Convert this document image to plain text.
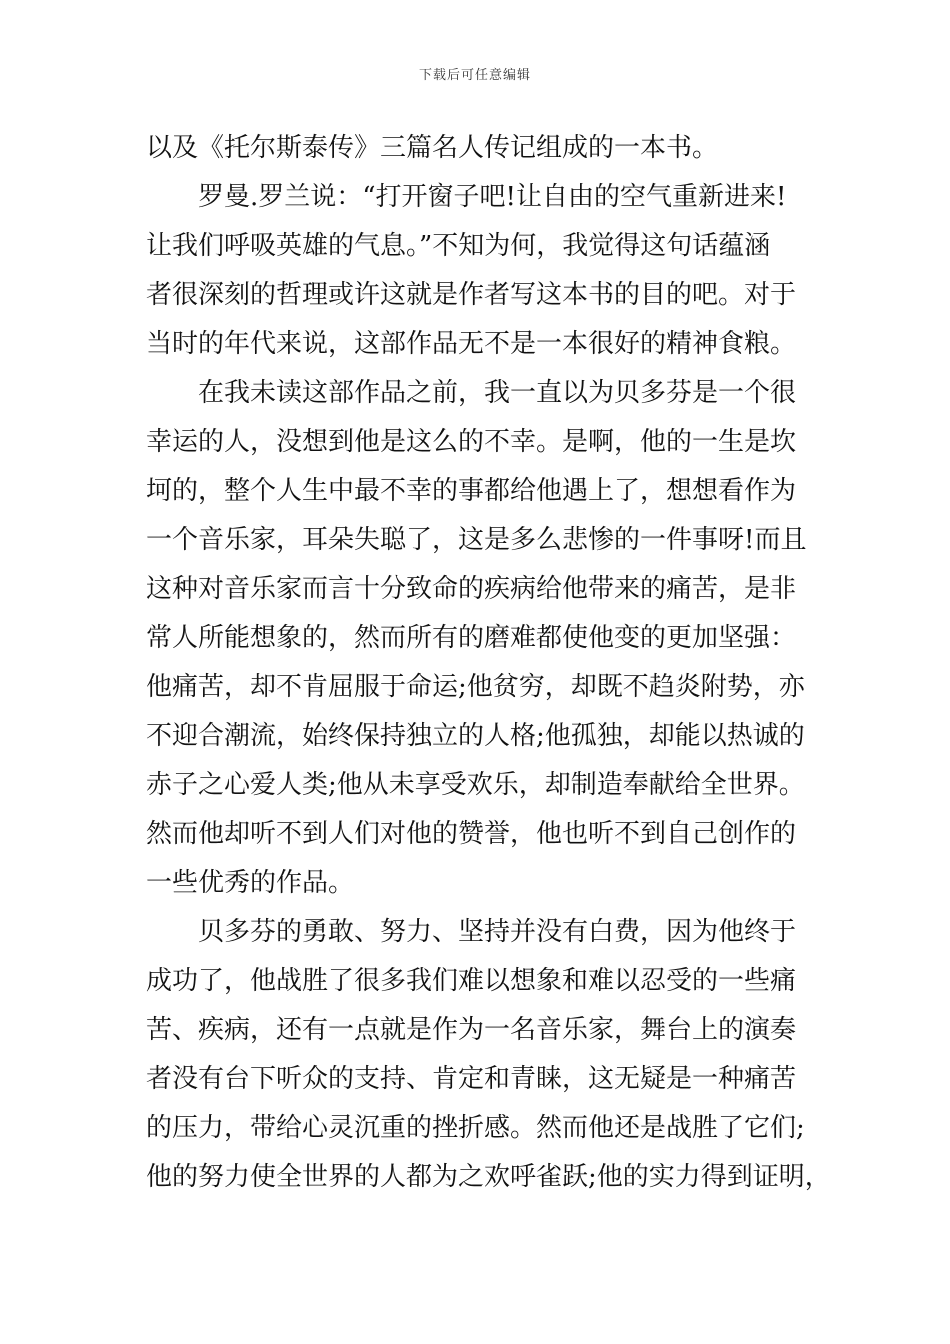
下载后可任意编辑
以及《托尔斯泰传》三篇名人传记组成的一本书。
罗曼.罗兰说：“打开窗子吧!让自由的空气重新进来!
让我们呼吸英雄的气息。”不知为何，我觉得这句话蕴涵
者很深刻的哲理或许这就是作者写这本书的目的吧。对于
当时的年代来说，这部作品无不是一本很好的精神食粮。
在我未读这部作品之前，我一直以为贝多芬是一个很
幸运的人，没想到他是这么的不幸。是啊，他的一生是坎
坷的，整个人生中最不幸的事都给他遇上了，想想看作为
一个音乐家，耳朵失聪了，这是多么悲惨的一件事呀!而且
这种对音乐家而言十分致命的疾病给他带来的痛苦，是非
常人所能想象的，然而所有的磨难都使他变的更加坚强：
他痛苦，却不肯屈服于命运;他贫穷，却既不趋炎附势，亦
不迎合潮流，始终保持独立的人格;他孤独，却能以热诚的
赤子之心爱人类;他从未享受欢乐，却制造奉献给全世界。
然而他却听不到人们对他的赞誉，他也听不到自己创作的
一些优秀的作品。
贝多芬的勇敢、努力、坚持并没有白费，因为他终于
成功了，他战胜了很多我们难以想象和难以忍受的一些痛
苦、疾病，还有一点就是作为一名音乐家，舞台上的演奏
者没有台下听众的支持、肯定和青睐，这无疑是一种痛苦
的压力，带给心灵沉重的挫折感。然而他还是战胜了它们;
他的努力使全世界的人都为之欢呼雀跃;他的实力得到证明，
